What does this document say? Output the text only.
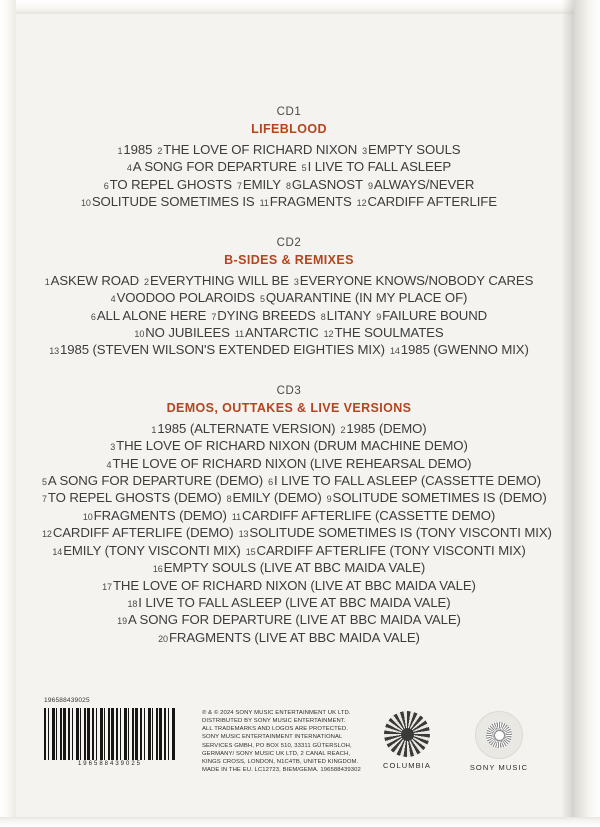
CD1
LIFEBLOOD
11985 2THE LOVE OF RICHARD NIXON 3EMPTY SOULS
4A SONG FOR DEPARTURE 5I LIVE TO FALL ASLEEP
6TO REPEL GHOSTS 7EMILY 8GLASNOST 9ALWAYS/NEVER
10SOLITUDE SOMETIMES IS 11FRAGMENTS 12CARDIFF AFTERLIFE
CD2
B-SIDES & REMIXES
1ASKEW ROAD 2EVERYTHING WILL BE 3EVERYONE KNOWS/NOBODY CARES
4VOODOO POLAROIDS 5QUARANTINE (IN MY PLACE OF)
6ALL ALONE HERE 7DYING BREEDS 8LITANY 9FAILURE BOUND
10NO JUBILEES 11ANTARCTIC 12THE SOULMATES
131985 (STEVEN WILSON'S EXTENDED EIGHTIES MIX) 141985 (GWENNO MIX)
CD3
DEMOS, OUTTAKES & LIVE VERSIONS
11985 (ALTERNATE VERSION) 21985 (DEMO)
3THE LOVE OF RICHARD NIXON (DRUM MACHINE DEMO)
4THE LOVE OF RICHARD NIXON (LIVE REHEARSAL DEMO)
5A SONG FOR DEPARTURE (DEMO) 6I LIVE TO FALL ASLEEP (CASSETTE DEMO)
7TO REPEL GHOSTS (DEMO) 8EMILY (DEMO) 9SOLITUDE SOMETIMES IS (DEMO)
10FRAGMENTS (DEMO) 11CARDIFF AFTERLIFE (CASSETTE DEMO)
12CARDIFF AFTERLIFE (DEMO) 13SOLITUDE SOMETIMES IS (TONY VISCONTI MIX)
14EMILY (TONY VISCONTI MIX) 15CARDIFF AFTERLIFE (TONY VISCONTI MIX)
16EMPTY SOULS (LIVE AT BBC MAIDA VALE)
17THE LOVE OF RICHARD NIXON (LIVE AT BBC MAIDA VALE)
18I LIVE TO FALL ASLEEP (LIVE AT BBC MAIDA VALE)
19A SONG FOR DEPARTURE (LIVE AT BBC MAIDA VALE)
20FRAGMENTS (LIVE AT BBC MAIDA VALE)
196588439025
196588439025
℗ & © 2024 SONY MUSIC ENTERTAINMENT UK LTD.
DISTRIBUTED BY SONY MUSIC ENTERTAINMENT.
ALL TRADEMARKS AND LOGOS ARE PROTECTED.
SONY MUSIC ENTERTAINMENT INTERNATIONAL
SERVICES GMBH, PO BOX 510, 33311 GÜTERSLOH,
GERMANY/ SONY MUSIC UK LTD, 2 CANAL REACH,
KINGS CROSS, LONDON, N1C4TB, UNITED KINGDOM.
MADE IN THE EU. LC12723, BIEM/GEMA. 196588439302	COLUMBIA	SONY MUSIC
